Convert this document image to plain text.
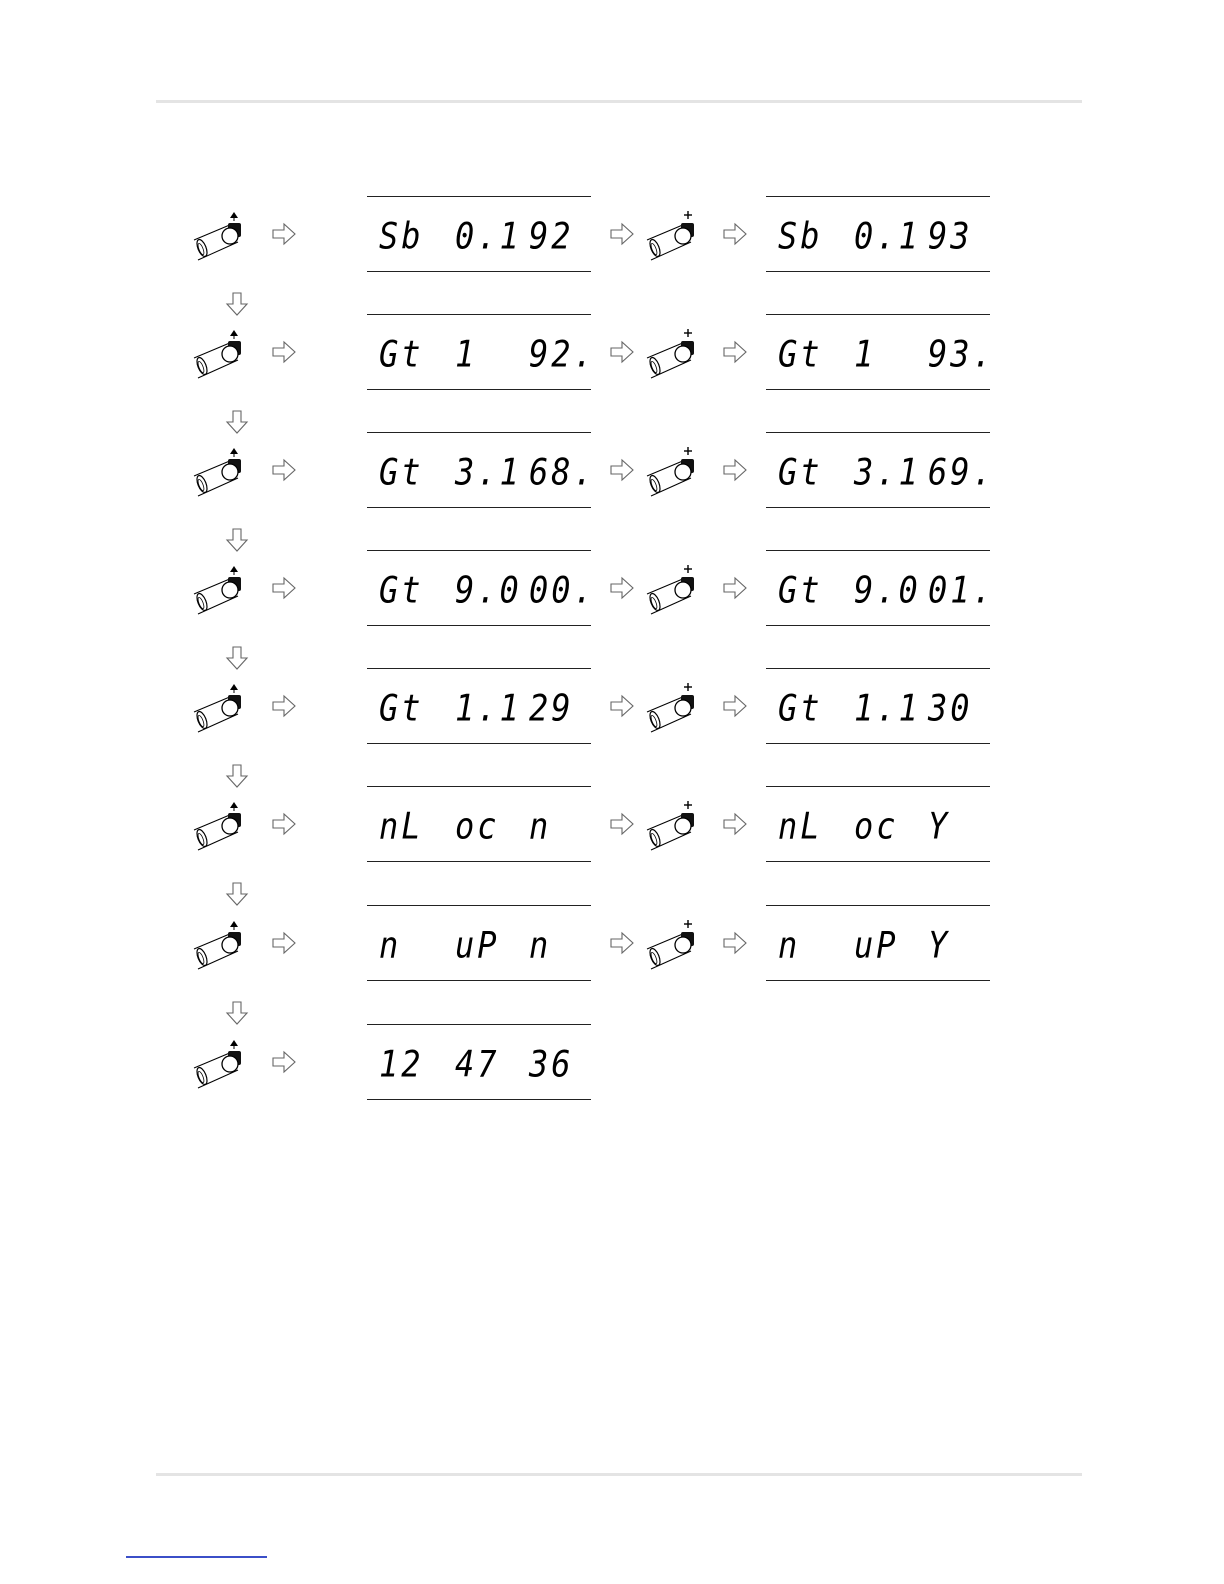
Sb 0.1 92	Sb 0.1 93
Gt 1 92.	Gt 1 93.
Gt 3.1 68.	Gt 3.1 69.
Gt 9.0 00.	Gt 9.0 01.
Gt 1.1 29	Gt 1.1 30
nL oc n	nL oc Y
n uP n	n uP Y
12 47 36
